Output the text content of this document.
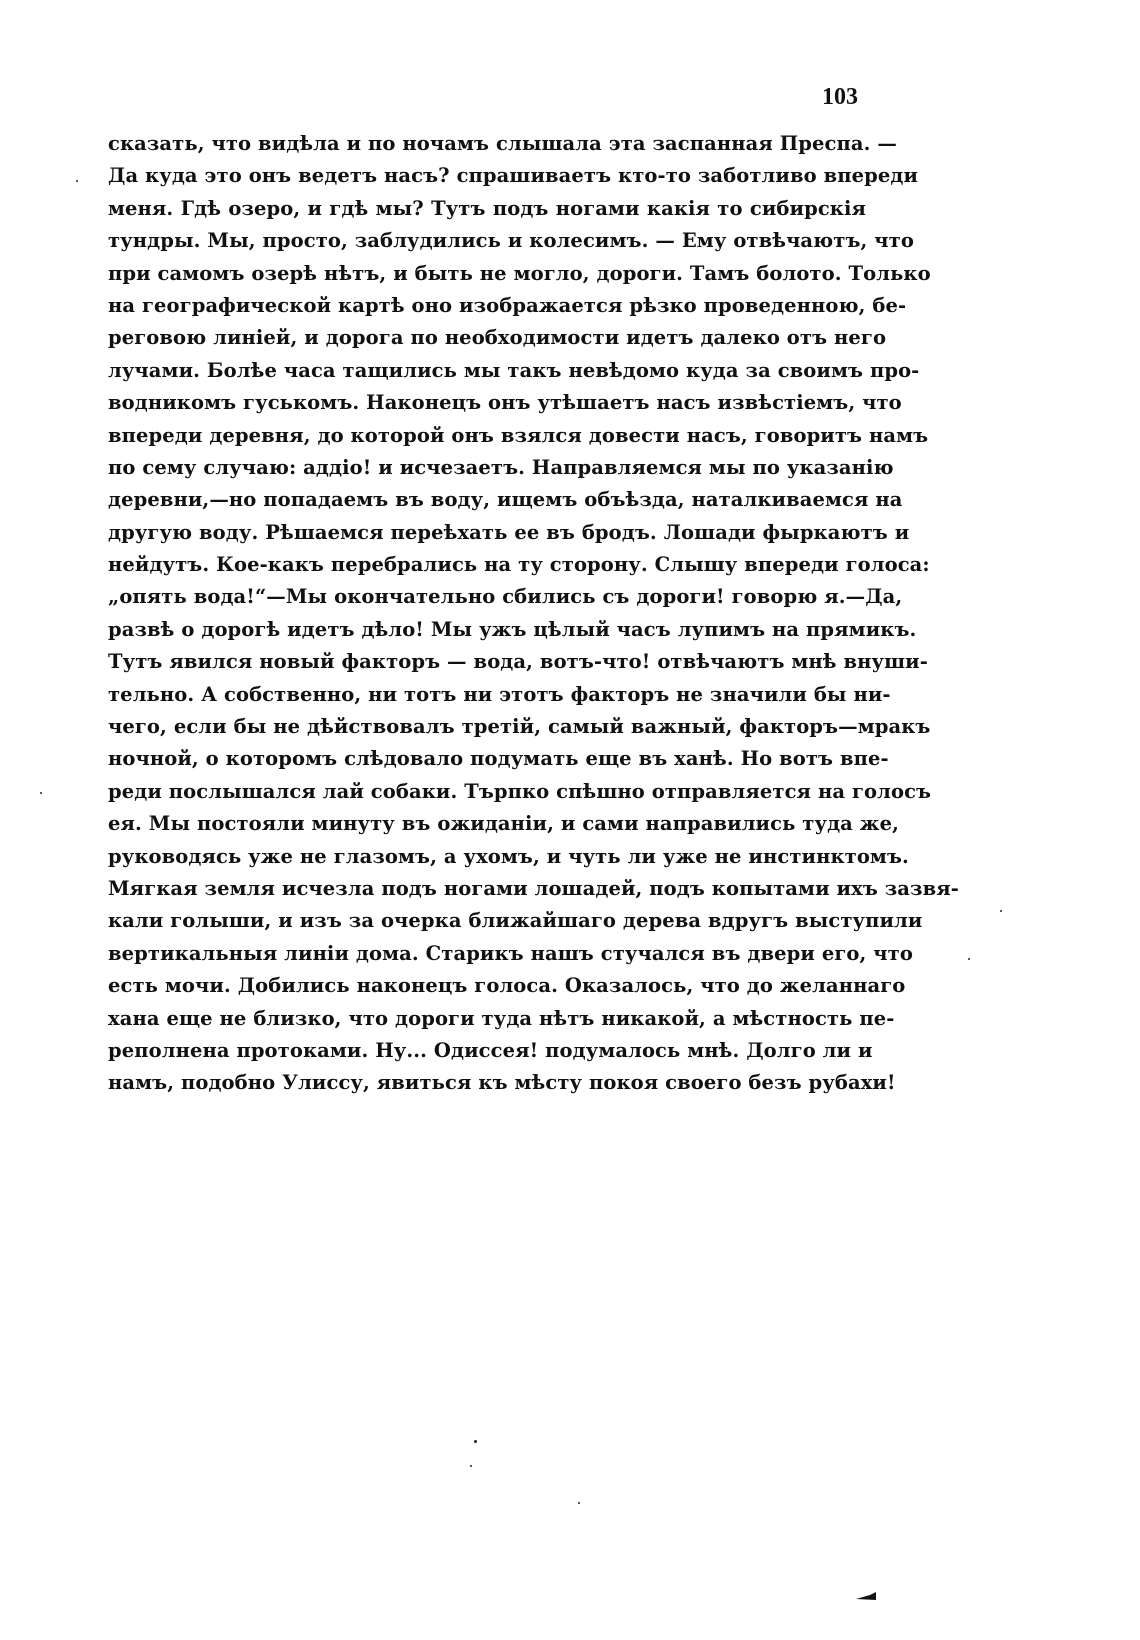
103
сказать, что видѣла и по ночамъ слышала эта заспанная Преспа. —
Да куда это онъ ведетъ насъ? спрашиваетъ кто-то заботливо впереди
меня. Гдѣ озеро, и гдѣ мы? Тутъ подъ ногами какія то сибирскія
тундры. Мы, просто, заблудились и колесимъ. — Ему отвѣчаютъ, что
при самомъ озерѣ нѣтъ, и быть не могло, дороги. Тамъ болото. Только
на географической картѣ оно изображается рѣзко проведенною, бе-
реговою линіей, и дорога по необходимости идетъ далеко отъ него
лучами. Болѣе часа тащились мы такъ невѣдомо куда за своимъ про-
водникомъ гуськомъ. Наконецъ онъ утѣшаетъ насъ извѣстіемъ, что
впереди деревня, до которой онъ взялся довести насъ, говоритъ намъ
по сему случаю: аддіо! и исчезаетъ. Направляемся мы по указанію
деревни,—но попадаемъ въ воду, ищемъ объѣзда, наталкиваемся на
другую воду. Рѣшаемся переѣхать ее въ бродъ. Лошади фыркаютъ и
нейдутъ. Кое-какъ перебрались на ту сторону. Слышу впереди голоса:
„опять вода!“—Мы окончательно сбились съ дороги! говорю я.—Да,
развѣ о дорогѣ идетъ дѣло! Мы ужъ цѣлый часъ лупимъ на прямикъ.
Тутъ явился новый факторъ — вода, вотъ-что! отвѣчаютъ мнѣ внуши-
тельно. А собственно, ни тотъ ни этотъ факторъ не значили бы ни-
чего, если бы не дѣйствовалъ третій, самый важный, факторъ—мракъ
ночной, о которомъ слѣдовало подумать еще въ ханѣ. Но вотъ впе-
реди послышался лай собаки. Търпко спѣшно отправляется на голосъ
ея. Мы постояли минуту въ ожиданіи, и сами направились туда же,
руководясь уже не глазомъ, а ухомъ, и чуть ли уже не инстинктомъ.
Мягкая земля исчезла подъ ногами лошадей, подъ копытами ихъ зазвя-
кали голыши, и изъ за очерка ближайшаго дерева вдругъ выступили
вертикальныя линіи дома. Старикъ нашъ стучался въ двери его, что
есть мочи. Добились наконецъ голоса. Оказалось, что до желаннаго
хана еще не близко, что дороги туда нѣтъ никакой, а мѣстность пе-
реполнена протоками. Ну... Одиссея! подумалось мнѣ. Долго ли и
намъ, подобно Улиссу, явиться къ мѣсту покоя своего безъ рубахи!
